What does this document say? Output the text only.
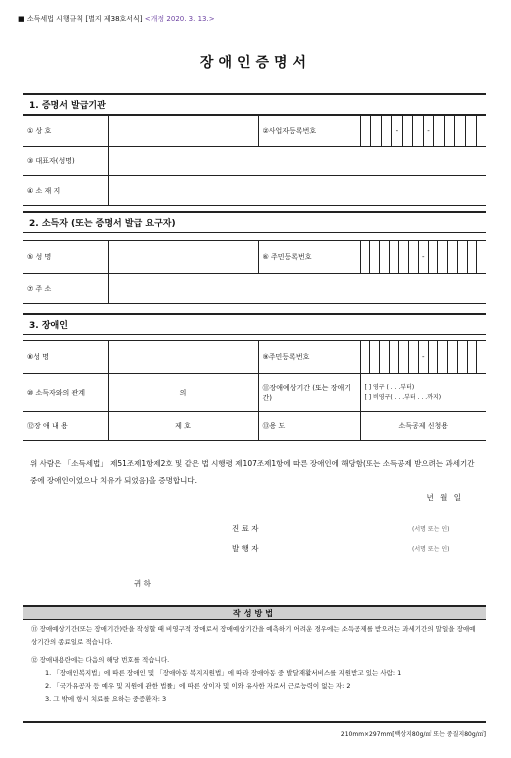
■ 소득세법 시행규칙 [별지 제38호서식] <개정 2020. 3. 13.>
장애인증명서
1. 증명서 발급기관
① 상 호		②사업자등록번호	- -

③ 대표자(성명)			
④ 소 재 지			
2. 소득자 (또는 증명서 발급 요구자)
⑤ 성 명		⑥ 주민등록번호	-

⑦ 주 소			
3. 장애인
⑧성 명		⑨주민등록번호	-

⑩ 소득자와의 관계	의	⑪장애예상기간 (또는 장애기간)	[ ] 영구 ( . . .부터)
[ ] 비영구( . . .부터 . . .까지)

⑫장 애 내 용	제 호	⑬용 도	소득공제 신청용
위 사람은 「소득세법」 제51조제1항제2호 및 같은 법 시행령 제107조제1항에 따른 장애인에 해당함(또는 소득공제 받으려는 과세기간 중에 장애인이었으나 치유가 되었음)을 증명합니다.
년 월 일
진 료 자	(서명 또는 인)
발 행 자	(서명 또는 인)
귀 하
작성방법
⑪ 장애예상기간(또는 장애기간)란을 작성할 때 비영구적 장애로서 장애예상기간을 예측하기 어려운 경우에는 소득공제를 받으려는 과세기간의 말일을 장애예상기간의 종료일로 적습니다.
⑫ 장애내용란에는 다음의 해당 번호를 적습니다.
1. 「장애인복지법」에 따른 장애인 및 「장애아동 복지지원법」에 따라 장애아동 중 발달재활서비스를 지원받고 있는 사람: 1
2. 「국가유공자 등 예우 및 지원에 관한 법률」에 따른 상이자 및 이와 유사한 자로서 근로능력이 없는 자: 2
3. 그 밖에 항시 치료를 요하는 중증환자: 3
210mm×297mm[백상지80g/㎡ 또는 중질지80g/㎡]
